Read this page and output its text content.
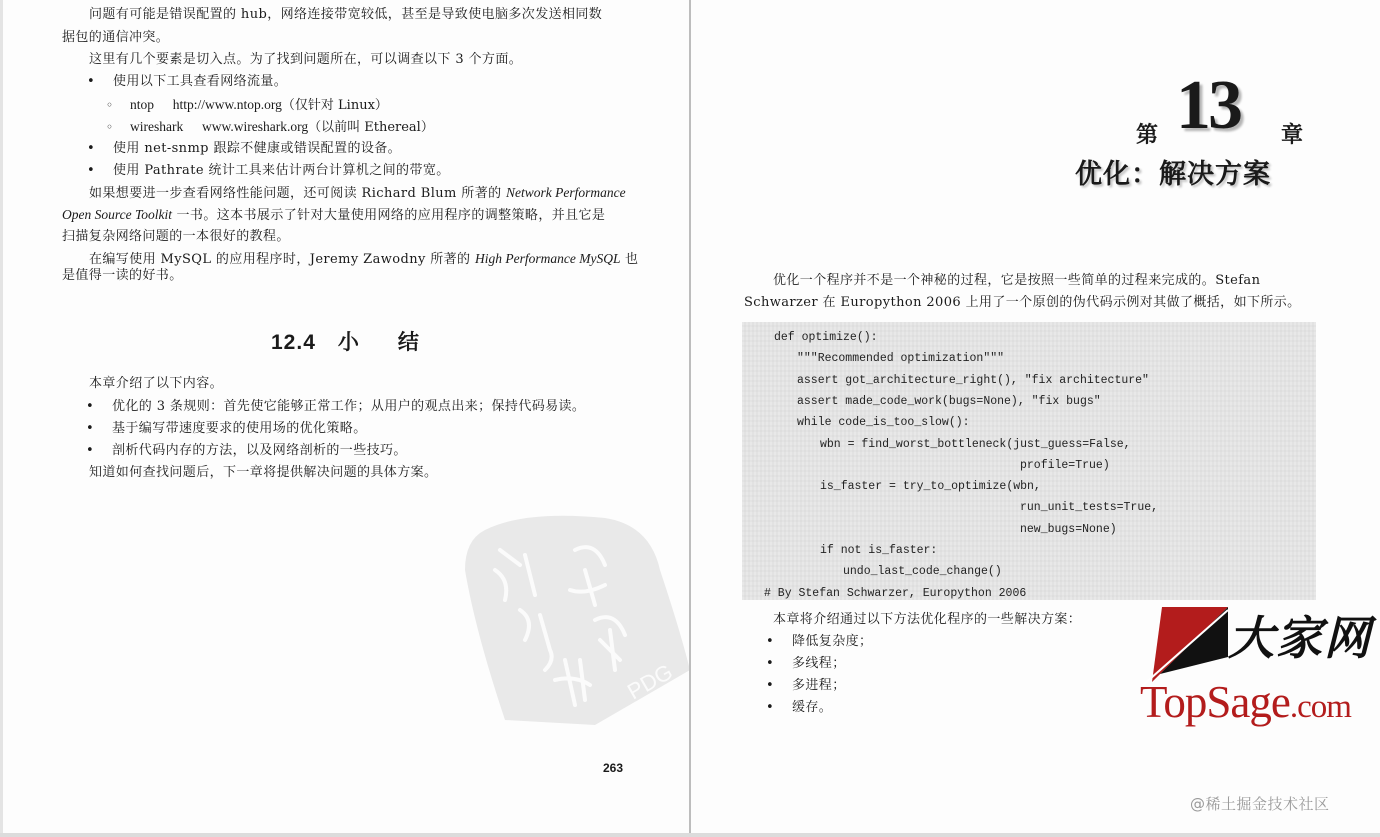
问题有可能是错误配置的 hub，网络连接带宽较低，甚至是导致使电脑多次发送相同数
据包的通信冲突。
这里有几个要素是切入点。为了找到问题所在，可以调查以下 3 个方面。
• 使用以下工具查看网络流量。
◦ ntop http://www.ntop.org（仅针对 Linux）
◦ wireshark www.wireshark.org（以前叫 Ethereal）
• 使用 net-snmp 跟踪不健康或错误配置的设备。
• 使用 Pathrate 统计工具来估计两台计算机之间的带宽。
如果想要进一步查看网络性能问题，还可阅读 Richard Blum 所著的 Network Performance
Open Source Toolkit 一书。这本书展示了针对大量使用网络的应用程序的调整策略，并且它是
扫描复杂网络问题的一本很好的教程。
在编写使用 MySQL 的应用程序时，Jeremy Zawodny 所著的 High Performance MySQL 也
是值得一读的好书。
12.4 小 结
本章介绍了以下内容。
• 优化的 3 条规则：首先使它能够正常工作；从用户的观点出来；保持代码易读。
• 基于编写带速度要求的使用场的优化策略。
• 剖析代码内存的方法，以及网络剖析的一些技巧。
知道如何查找问题后，下一章将提供解决问题的具体方案。
PDG
263
第 13 章
优化：解决方案
优化一个程序并不是一个神秘的过程，它是按照一些简单的过程来完成的。Stefan
Schwarzer 在 Europython 2006 上用了一个原创的伪代码示例对其做了概括，如下所示。
def optimize():
"""Recommended optimization"""
assert got_architecture_right(), "fix architecture"
assert made_code_work(bugs=None), "fix bugs"
while code_is_too_slow():
wbn = find_worst_bottleneck(just_guess=False,
profile=True)
is_faster = try_to_optimize(wbn,
run_unit_tests=True,
new_bugs=None)
if not is_faster:
undo_last_code_change()
# By Stefan Schwarzer, Europython 2006
本章将介绍通过以下方法优化程序的一些解决方案：
• 降低复杂度；
• 多线程；
• 多进程；
• 缓存。
大家网
TopSage.com
@稀土掘金技术社区
